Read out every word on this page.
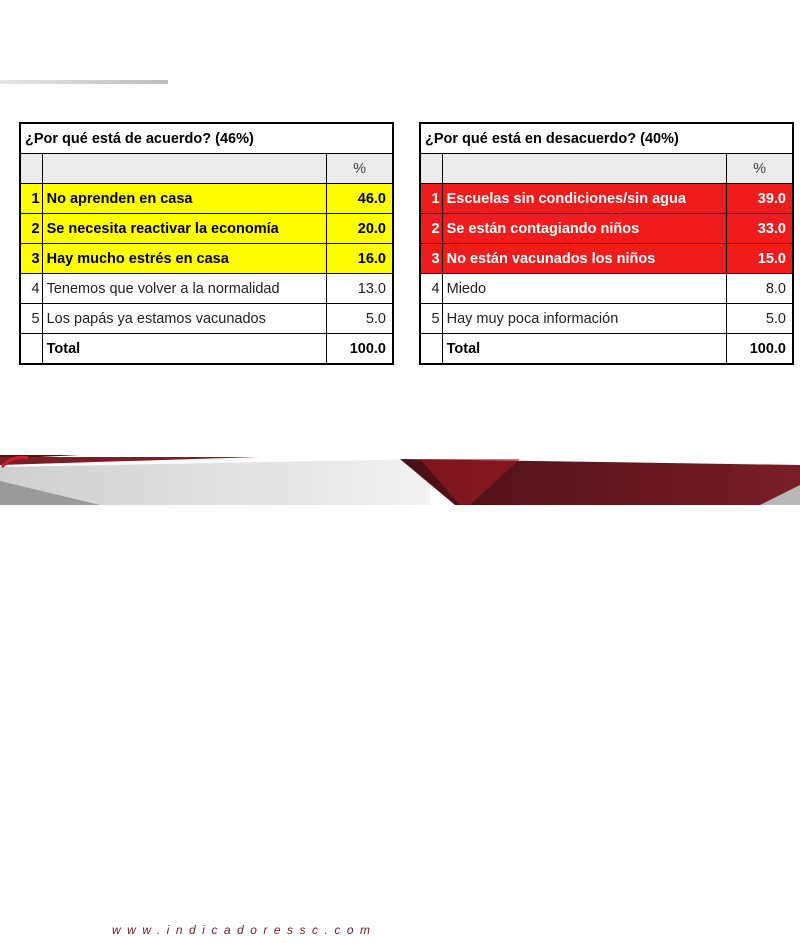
¿Por qué está de acuerdo? (46%)		
		%
1	No aprenden en casa	46.0
2	Se necesita reactivar la economía	20.0
3	Hay mucho estrés en casa	16.0
4	Tenemos que volver a la normalidad	13.0
5	Los papás ya estamos vacunados	5.0
	Total	100.0
¿Por qué está en desacuerdo? (40%)		
		%
1	Escuelas sin condiciones/sin agua	39.0
2	Se están contagiando niños	33.0
3	No están vacunados los niños	15.0
4	Miedo	8.0
5	Hay muy poca información	5.0
	Total	100.0
www.indicadoressc.com	INDICADORES
